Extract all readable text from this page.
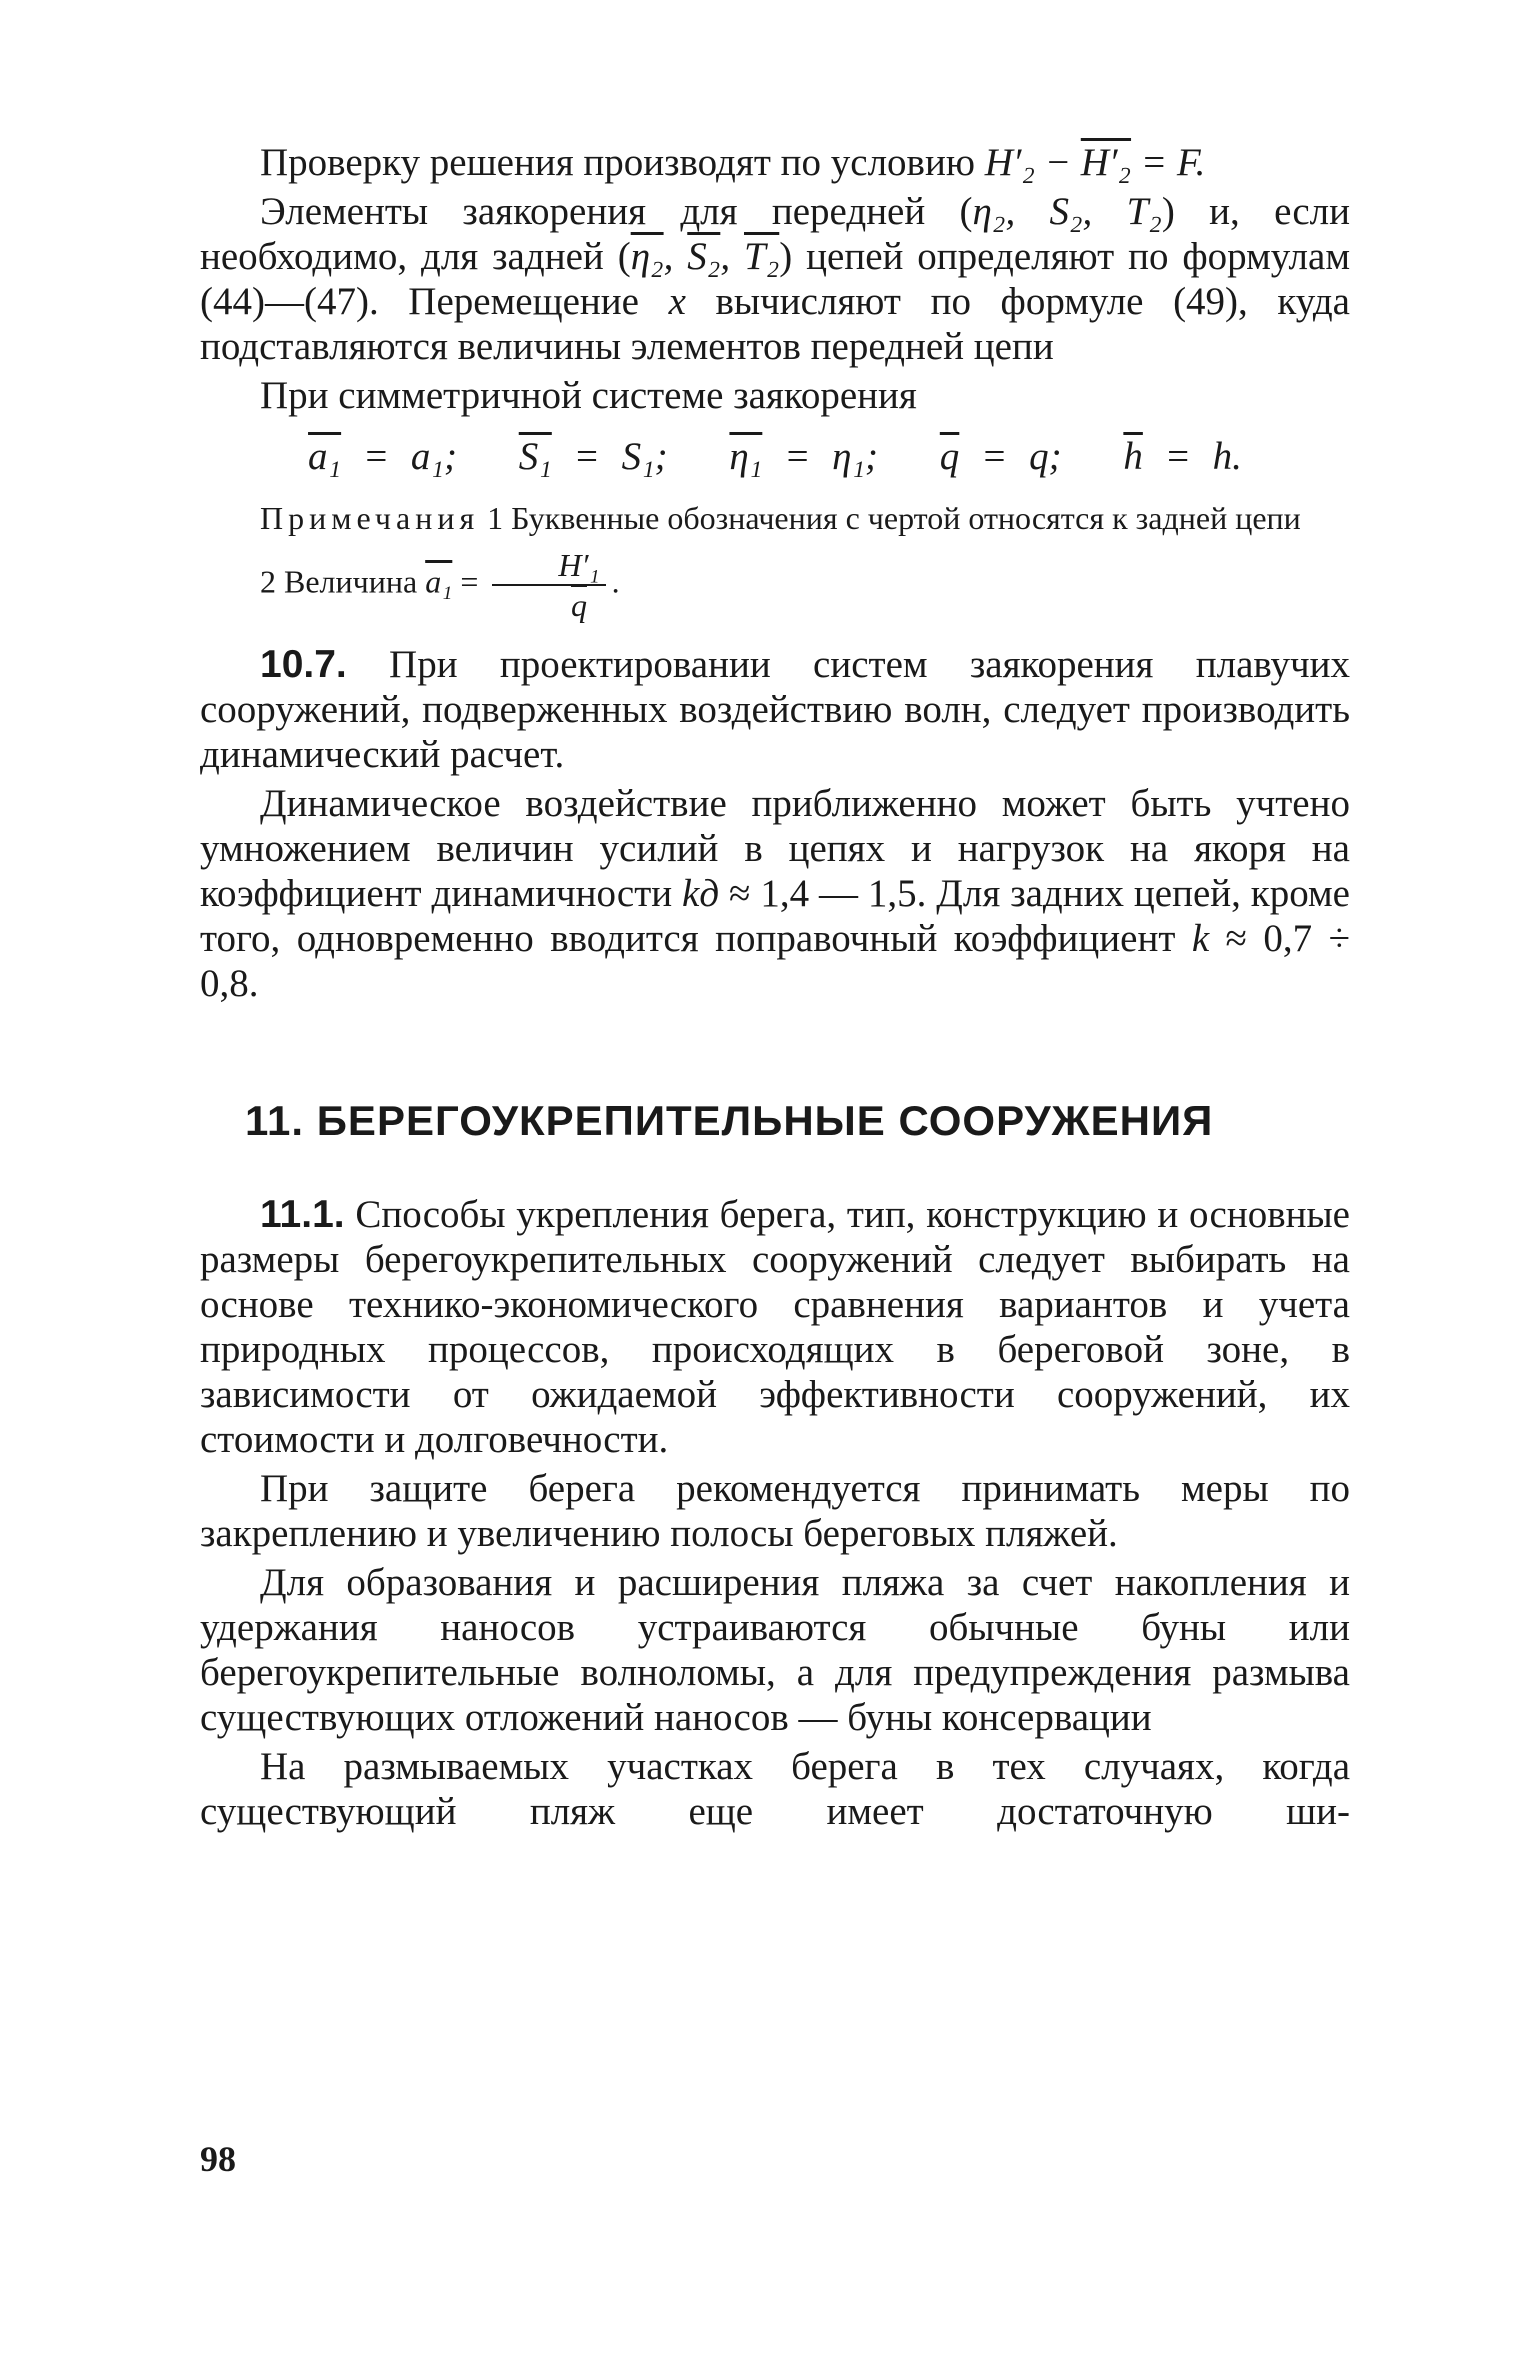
Проверку решения производят по условию H′₂ − H′₂ = F.

Элементы заякорения для передней (η₂, S₂, T₂) и, если необходимо, для задней (η₂, S₂, T₂) цепей определяют по формулам (44)—(47). Перемещение x вычисляют по формуле (49), куда подставляются величины элементов передней цепи

При симметричной системе заякорения

a₁ = a₁; S₁ = S₁; η₁ = η₁; $\overline{q} = q$; $\overline{h} = h$.

Примечания 1 Буквенные обозначения с чертой относятся к задней цепи

2 Величина $a_1 = \frac{\text{H′₁}}{q}$ .

10.7. При проектировании систем заякорения плавучих сооружений, подверженных воздействию волн, следует производить динамический расчет.

Динамическое воздействие приближенно может быть учтено умножением величин усилий в цепях и нагрузок на якоря на коэффициент динамичности kд ≈ 1,4 — 1,5. Для задних цепей, кроме того, одновременно вводится поправочный коэффициент k ≈ 0,7 ÷ 0,8.

11. БЕРЕГОУКРЕПИТЕЛЬНЫЕ СООРУЖЕНИЯ

11.1. Способы укрепления берега, тип, конструкцию и основные размеры берегоукрепительных сооружений следует выбирать на основе технико-экономического сравнения вариантов и учета природных процессов, происходящих в береговой зоне, в зависимости от ожидаемой эффективности сооружений, их стоимости и долговечности.

При защите берега рекомендуется принимать меры по закреплению и увеличению полосы береговых пляжей.

Для образования и расширения пляжа за счет накопления и удержания наносов устраиваются обычные буны или берегоукрепительные волноломы, а для предупреждения размыва существующих отложений наносов — буны консервации

На размываемых участках берега в тех случаях, когда существующий пляж еще имеет достаточную ши-

98
